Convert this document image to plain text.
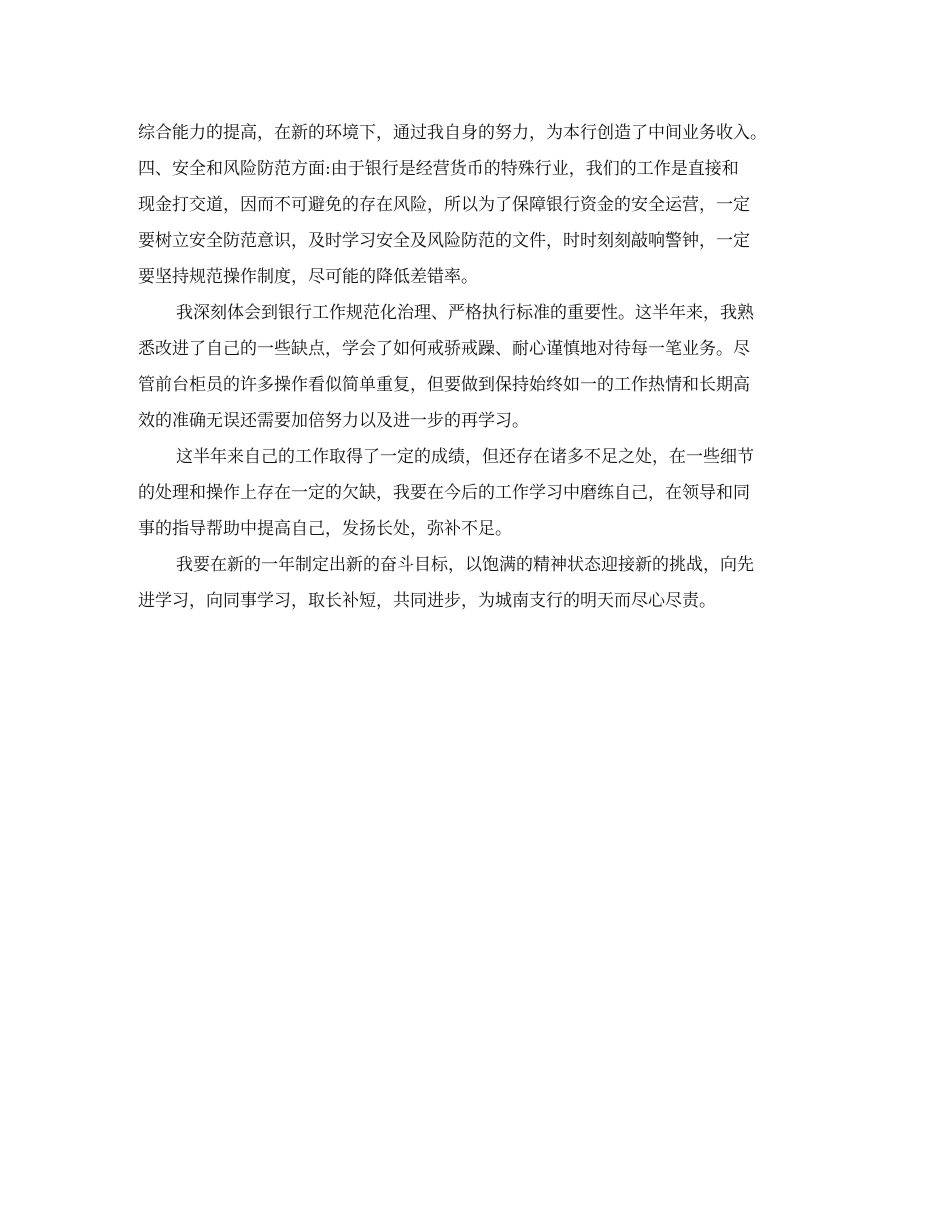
综合能力的提高，在新的环境下，通过我自身的努力，为本行创造了中间业务收入。
四、安全和风险防范方面:由于银行是经营货币的特殊行业，我们的工作是直接和
现金打交道，因而不可避免的存在风险，所以为了保障银行资金的安全运营，一定
要树立安全防范意识，及时学习安全及风险防范的文件，时时刻刻敲响警钟，一定
要坚持规范操作制度，尽可能的降低差错率。
我深刻体会到银行工作规范化治理、严格执行标准的重要性。这半年来，我熟
悉改进了自己的一些缺点，学会了如何戒骄戒躁、耐心谨慎地对待每一笔业务。尽
管前台柜员的许多操作看似简单重复，但要做到保持始终如一的工作热情和长期高
效的准确无误还需要加倍努力以及进一步的再学习。
这半年来自己的工作取得了一定的成绩，但还存在诸多不足之处，在一些细节
的处理和操作上存在一定的欠缺，我要在今后的工作学习中磨练自己，在领导和同
事的指导帮助中提高自己，发扬长处，弥补不足。
我要在新的一年制定出新的奋斗目标，以饱满的精神状态迎接新的挑战，向先
进学习，向同事学习，取长补短，共同进步，为城南支行的明天而尽心尽责。
